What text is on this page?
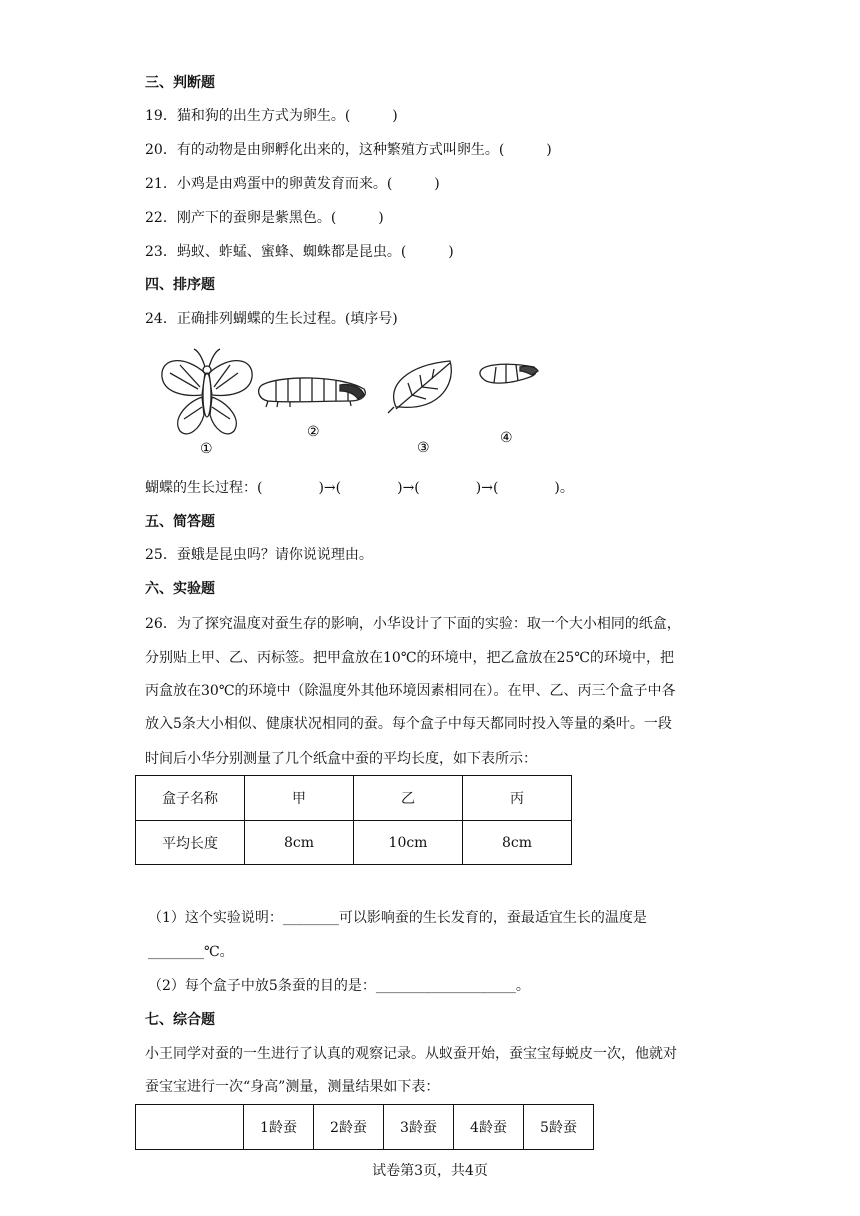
三、判断题
19．猫和狗的出生方式为卵生。(　　　)
20．有的动物是由卵孵化出来的，这种繁殖方式叫卵生。(　　　)
21．小鸡是由鸡蛋中的卵黄发育而来。(　　　)
22．刚产下的蚕卵是紫黑色。(　　　)
23．蚂蚁、蚱蜢、蜜蜂、蜘蛛都是昆虫。(　　　)
四、排序题
24．正确排列蝴蝶的生长过程。(填序号)
①
②
③
④
蝴蝶的生长过程：(　　　　)→(　　　　)→(　　　　)→(　　　　)。
五、简答题
25．蚕蛾是昆虫吗？请你说说理由。
六、实验题
26．为了探究温度对蚕生存的影响，小华设计了下面的实验：取一个大小相同的纸盒，
分别贴上甲、乙、丙标签。把甲盒放在10℃的环境中，把乙盒放在25℃的环境中，把
丙盒放在30℃的环境中（除温度外其他环境因素相同在）。在甲、乙、丙三个盒子中各
放入5条大小相似、健康状况相同的蚕。每个盒子中每天都同时投入等量的桑叶。一段
时间后小华分别测量了几个纸盒中蚕的平均长度，如下表所示：
盒子名称	甲	乙	丙
平均长度	8cm	10cm	8cm
（1）这个实验说明：________可以影响蚕的生长发育的，蚕最适宜生长的温度是
________℃。
（2）每个盒子中放5条蚕的目的是：____________________。
七、综合题
小王同学对蚕的一生进行了认真的观察记录。从蚁蚕开始，蚕宝宝每蜕皮一次，他就对
蚕宝宝进行一次“身高”测量，测量结果如下表：
	1龄蚕	2龄蚕	3龄蚕	4龄蚕	5龄蚕
试卷第3页，共4页
